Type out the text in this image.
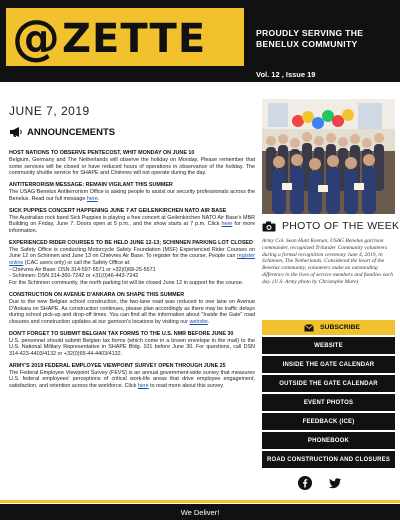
@ ZETTE	PROUDLY SERVING THE BENELUX COMMUNITY
Vol. 12 , Issue 19
JUNE 7, 2019
ANNOUNCEMENTS
HOST NATIONS TO OBSERVE PENTECOST, WHIT MONDAY ON JUNE 10

Belgium, Germany and The Netherlands will observe the holiday on Monday. Please remember that some services will be closed or have reduced hours of operations in observance of the holiday. The community shuttle service for SHAPE and Chièvres will not operate during the day.

ANTITERRORISM MESSAGE: REMAIN VIGILANT THIS SUMMER

The USAG Benelux Antiterrorism Office is asking people to assist our security professionals across the Benelux. Read our full message here.

SICK PUPPIES CONCERT HAPPENING JUNE 7 AT GEILENKIRCHEN NATO AIR BASE

The Australian rock band Sick Puppies is playing a free concert at Geilenkirchen NATO Air Base's MBR Building on Friday, June 7. Doors open at 5 p.m., and the show starts at 7 p.m. Click here for more information.

EXPERIENCED RIDER COURSES TO BE HELD JUNE 12-13; SCHINNEN PARKING LOT CLOSED

The Safety Office is conducting Motorcycle Safety Foundation (MSF) Experienced Rider Courses on June 12 on Schinnen and June 13 on Chièvres Air Base. To register for the course, People can register online (CAC users only) or call the Safety Office at:

- Chièvres Air Base: DSN 314-597-5571 or +32(0)68-25-5571

- Schinnen: DSN 314-360-7242 or +31(0)46-443-7242

For the Schinnen community, the north parking lot will be closed June 12 in support for the course.

CONSTRUCTION ON AVENUE D'ANKARA ON SHAPE THIS SUMMER

Due to the new Belgian school construction, the two-lane road was reduced to one lane on Avenue D'Ankara on SHAPE. As construction continues, please plan accordingly as there may be traffic delays during school pick-up and drop-off times. You can find all the information about "Inside the Gate" road closures and construction updates at our garrison's locations by visiting our website.

DON'T FORGET TO SUBMIT BELGIAN TAX FORMS TO THE U.S. NMR BEFORE JUNE 30

U.S. personnel should submit Belgian tax forms (which come in a brown envelope in the mail) to the U.S. National Military Representative in SHAPE Bldg. 101 before June 30. For questions, call DSN 314-423-4403/4132 or +32(0)65-44-4403/4132.

ARMY'S 2019 FEDERAL EMPLOYEE VIEWPOINT SURVEY OPEN THROUGH JUNE 25

The Federal Employee Viewpoint Survey (FEVS) is an annual government-wide survey that measures U.S. federal employees' perceptions of critical work-life areas that drive employee engagement, satisfaction, and retention across the workforce. Click here to read more about this survey.

PHOTO OF THE WEEK
Army Col. Sean Hunt Keenan, USAG Benelux garrison commander, recognized Trilander Community volunteers during a formal recognition ceremony June 4, 2019, in Schinnen, The Netherlands. Considered the heart of the Benelux community, volunteers make an outstanding difference in the lives of service members and families each day. (U.S. Army photo by Christophe Mare)
SUBSCRIBE
WEBSITE
INSIDE THE GATE CALENDAR
OUTSIDE THE GATE CALENDAR
EVENT PHOTOS
FEEDBACK (ICE)
PHONEBOOK
ROAD CONSTRUCTION AND CLOSURES
We Deliver!
